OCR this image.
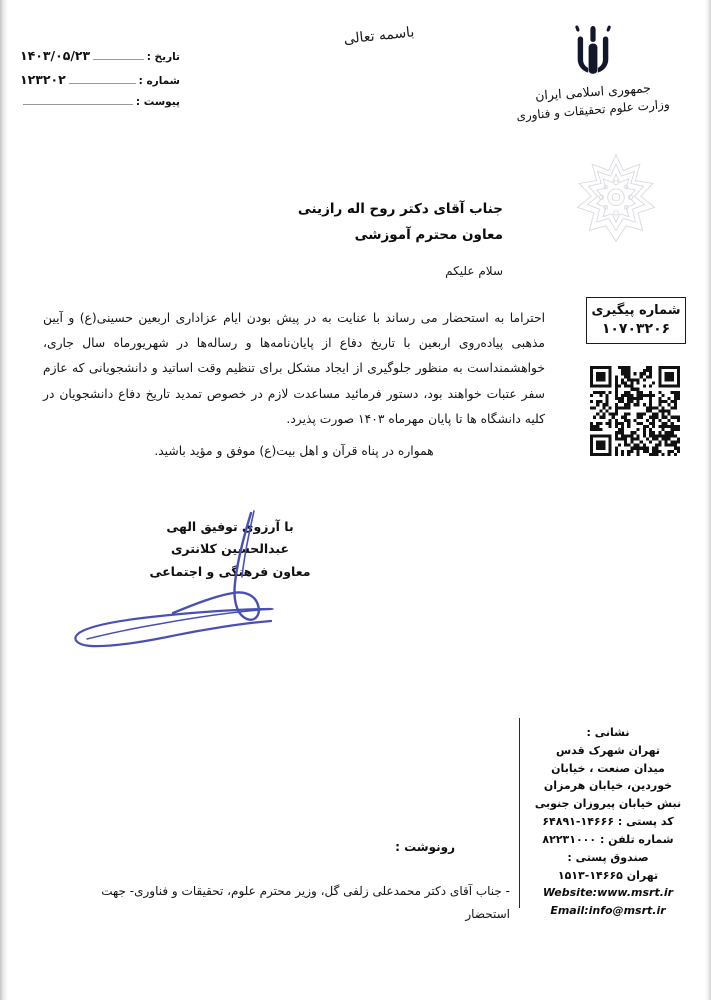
باسمه تعالی
جمهوری اسلامی ایران
وزارت علوم تحقیقات و فناوری
تاریخ :
۱۴۰۳/۰۵/۲۳
شماره :
۱۲۳۲۰۲
پیوست :
جناب آقای دکتر روح اله رازینی
معاون محترم آموزشی
سلام علیکم
شماره پیگیری
۱۰۷۰۳۲۰۶

احتراما به استحضار می رساند با عنایت به در پیش بودن ایام عزاداری اربعین حسینی(ع) و آیین مذهبی پیاده‌روی اربعین با تاریخ دفاع از پایان‌نامه‌ها و رساله‌ها در شهریورماه سال جاری، خواهشمنداست به منظور جلوگیری از ایجاد مشکل برای تنظیم وقت اساتید و دانشجویانی که عازم سفر عتبات خواهند بود، دستور فرمائید مساعدت لازم در خصوص تمدید تاریخ دفاع دانشجویان در کلیه دانشگاه ها تا پایان مهرماه ۱۴۰۳ صورت پذیرد.

همواره در پناه قرآن و اهل بیت(ع) موفق و مؤید باشید.
با آرزوی توفیق الهی
عبدالحسین کلانتری
معاون فرهنگی و اجتماعی
نشانی :
تهران شهرک قدس
میدان صنعت ، خیابان
خوردین، خیابان هرمزان
نبش خیابان پیروزان جنوبی
کد پستی : ۱۴۶۶۶-۶۴۸۹۱
شماره تلفن : ۸۲۲۳۱۰۰۰
صندوق پستی :
تهران ۱۴۶۶۵-۱۵۱۳
Website:www.msrt.ir
Email:info@msrt.ir
رونوشت :
- جناب آقای دکتر محمدعلی زلفی گل، وزیر محترم علوم، تحقیقات و فناوری- جهت استحضار
